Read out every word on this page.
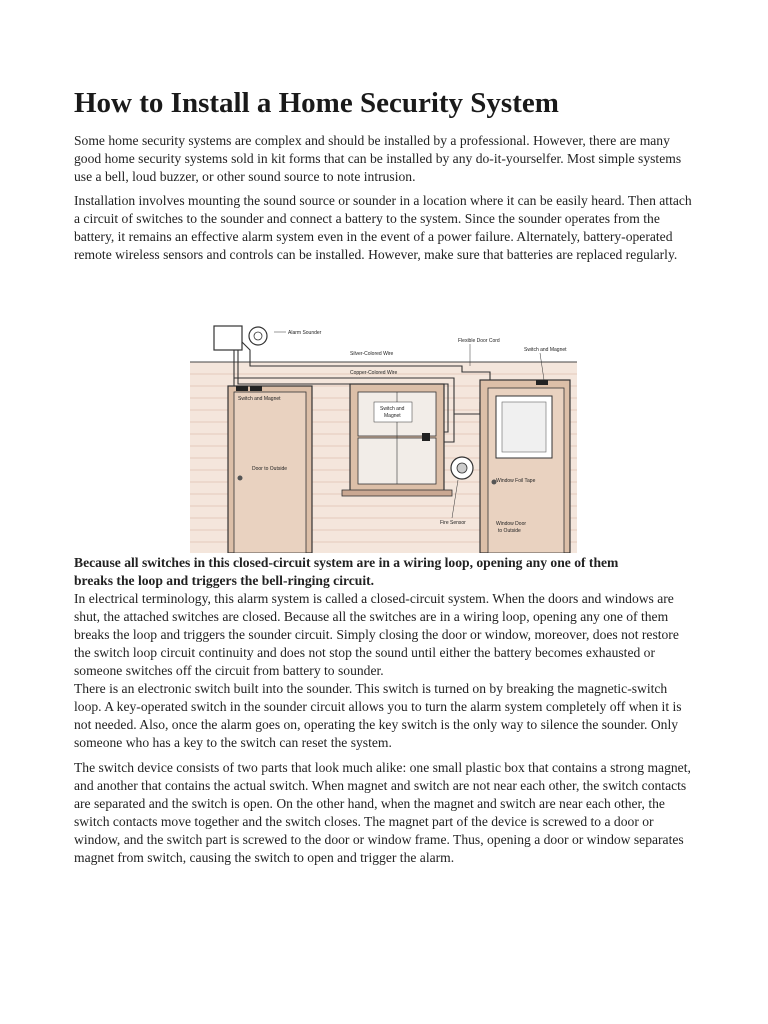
How to Install a Home Security System

Some home security systems are complex and should be installed by a professional. However, there are many good home security systems sold in kit forms that can be installed by any do-it-yourselfer. Most simple systems use a bell, loud buzzer, or other sound source to note intrusion.

Installation involves mounting the sound source or sounder in a location where it can be easily heard. Then attach a circuit of switches to the sounder and connect a battery to the system. Since the sounder operates from the battery, it remains an effective alarm system even in the event of a power failure. Alternately, battery-operated remote wireless sensors and controls can be installed. However, make sure that batteries are replaced regularly.

Alarm Sounder
Silver-Colored Wire
Copper-Colored Wire
Flexible Door Cord
Switch and Magnet
Switch and Magnet
Door to Outside
Switch and
Magnet
Fire Sensor
Window Foil Tape
Window Door
to Outside

Because all switches in this closed-circuit system are in a wiring loop, opening any one of them breaks the loop and triggers the bell-ringing circuit.

In electrical terminology, this alarm system is called a closed-circuit system. When the doors and windows are shut, the attached switches are closed. Because all the switches are in a wiring loop, opening any one of them breaks the loop and triggers the sounder circuit. Simply closing the door or window, moreover, does not restore the switch loop circuit continuity and does not stop the sound until either the battery becomes exhausted or someone switches off the circuit from battery to sounder.

There is an electronic switch built into the sounder. This switch is turned on by breaking the magnetic-switch loop. A key-operated switch in the sounder circuit allows you to turn the alarm system completely off when it is not needed. Also, once the alarm goes on, operating the key switch is the only way to silence the sounder. Only someone who has a key to the switch can reset the system.

The switch device consists of two parts that look much alike: one small plastic box that contains a strong magnet, and another that contains the actual switch. When magnet and switch are not near each other, the switch contacts are separated and the switch is open. On the other hand, when the magnet and switch are near each other, the switch contacts move together and the switch closes. The magnet part of the device is screwed to a door or window, and the switch part is screwed to the door or window frame. Thus, opening a door or window separates magnet from switch, causing the switch to open and trigger the alarm.
